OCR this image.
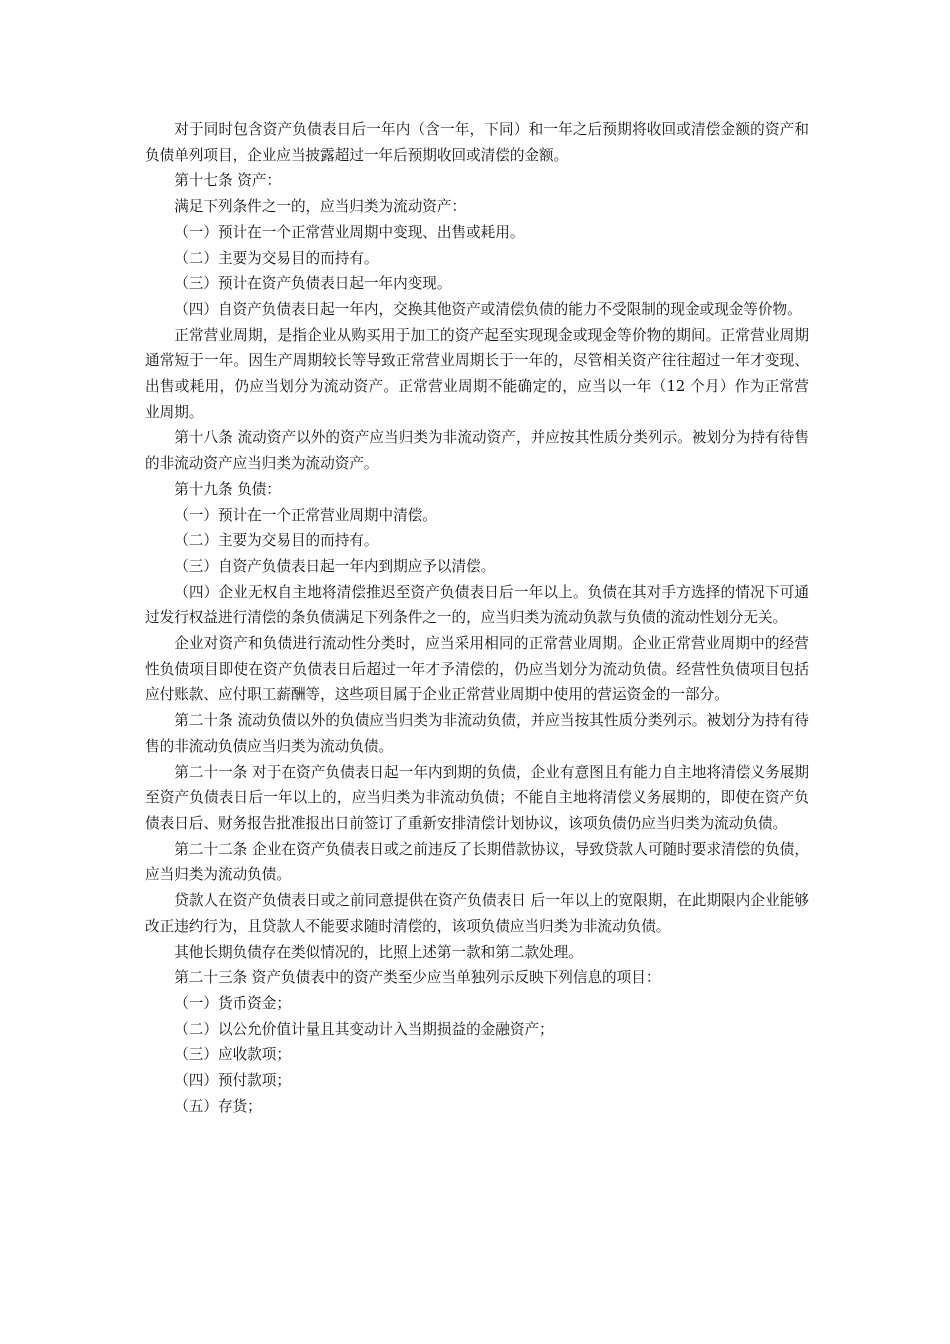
对于同时包含资产负债表日后一年内（含一年，下同）和一年之后预期将收回或清偿金额的资产和负债单列项目，企业应当披露超过一年后预期收回或清偿的金额。

第十七条 资产：

满足下列条件之一的，应当归类为流动资产：

（一）预计在一个正常营业周期中变现、出售或耗用。

（二）主要为交易目的而持有。

（三）预计在资产负债表日起一年内变现。

（四）自资产负债表日起一年内，交换其他资产或清偿负债的能力不受限制的现金或现金等价物。

正常营业周期，是指企业从购买用于加工的资产起至实现现金或现金等价物的期间。正常营业周期通常短于一年。因生产周期较长等导致正常营业周期长于一年的，尽管相关资产往往超过一年才变现、出售或耗用，仍应当划分为流动资产。正常营业周期不能确定的，应当以一年（12 个月）作为正常营业周期。

第十八条 流动资产以外的资产应当归类为非流动资产，并应按其性质分类列示。被划分为持有待售的非流动资产应当归类为流动资产。

第十九条 负债：

（一）预计在一个正常营业周期中清偿。

（二）主要为交易目的而持有。

（三）自资产负债表日起一年内到期应予以清偿。

（四）企业无权自主地将清偿推迟至资产负债表日后一年以上。负债在其对手方选择的情况下可通过发行权益进行清偿的条负债满足下列条件之一的，应当归类为流动负款与负债的流动性划分无关。

企业对资产和负债进行流动性分类时，应当采用相同的正常营业周期。企业正常营业周期中的经营性负债项目即使在资产负债表日后超过一年才予清偿的，仍应当划分为流动负债。经营性负债项目包括应付账款、应付职工薪酬等，这些项目属于企业正常营业周期中使用的营运资金的一部分。

第二十条 流动负债以外的负债应当归类为非流动负债，并应当按其性质分类列示。被划分为持有待售的非流动负债应当归类为流动负债。

第二十一条 对于在资产负债表日起一年内到期的负债，企业有意图且有能力自主地将清偿义务展期至资产负债表日后一年以上的，应当归类为非流动负债；不能自主地将清偿义务展期的，即使在资产负债表日后、财务报告批准报出日前签订了重新安排清偿计划协议，该项负债仍应当归类为流动负债。

第二十二条 企业在资产负债表日或之前违反了长期借款协议，导致贷款人可随时要求清偿的负债，应当归类为流动负债。

贷款人在资产负债表日或之前同意提供在资产负债表日 后一年以上的宽限期，在此期限内企业能够改正违约行为，且贷款人不能要求随时清偿的，该项负债应当归类为非流动负债。

其他长期负债存在类似情况的，比照上述第一款和第二款处理。

第二十三条 资产负债表中的资产类至少应当单独列示反映下列信息的项目：

（一）货币资金；

（二）以公允价值计量且其变动计入当期损益的金融资产；

（三）应收款项；

（四）预付款项；

（五）存货；
